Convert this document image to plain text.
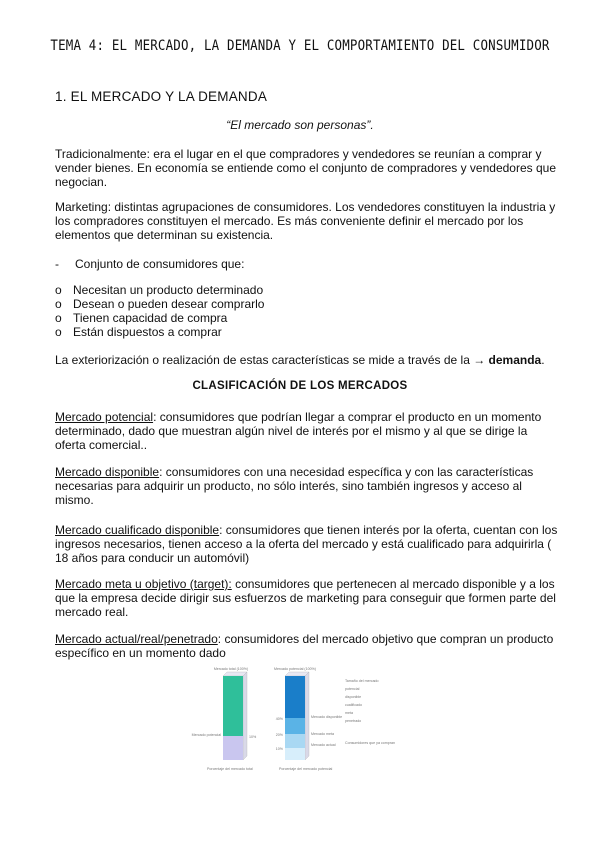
TEMA 4: EL MERCADO, LA DEMANDA Y EL COMPORTAMIENTO DEL CONSUMIDOR
1. EL MERCADO Y LA DEMANDA
“El mercado son personas”.
Tradicionalmente: era el lugar en el que compradores y vendedores se reunían a comprar y vender bienes. En economía se entiende como el conjunto de compradores y vendedores que negocian.
Marketing: distintas agrupaciones de consumidores. Los vendedores constituyen la industria y los compradores constituyen el mercado. Es más conveniente definir el mercado por los elementos que determinan su existencia.
- Conjunto de consumidores que:
o Necesitan un producto determinado
o Desean o pueden desear comprarlo
o Tienen capacidad de compra
o Están dispuestos a comprar
La exteriorización o realización de estas características se mide a través de la → demanda.
CLASIFICACIÓN DE LOS MERCADOS
Mercado potencial: consumidores que podrían llegar a comprar el producto en un momento determinado, dado que muestran algún nivel de interés por el mismo y al que se dirige la oferta comercial..
Mercado disponible: consumidores con una necesidad específica y con las características necesarias para adquirir un producto, no sólo interés, sino también ingresos y acceso al mismo.
Mercado cualificado disponible: consumidores que tienen interés por la oferta, cuentan con los ingresos necesarios, tienen acceso a la oferta del mercado y está cualificado para adquirirla ( 18 años para conducir un automóvil)
Mercado meta u objetivo (target): consumidores que pertenecen al mercado disponible y a los que la empresa decide dirigir sus esfuerzos de marketing para conseguir que formen parte del mercado real.
Mercado actual/real/penetrado: consumidores del mercado objetivo que compran un producto específico en un momento dado
Mercado total (100%)
Mercado potencial	10%
Porcentaje del mercado total
Mercado potencial (100%)
40%
20%
10%
Mercado disponible
Mercado meta
Mercado actual
Porcentaje del mercado potencial
Tamaño del mercado
potencial
disponible
cualificado
meta
penetrado
Consumidores que ya compran
